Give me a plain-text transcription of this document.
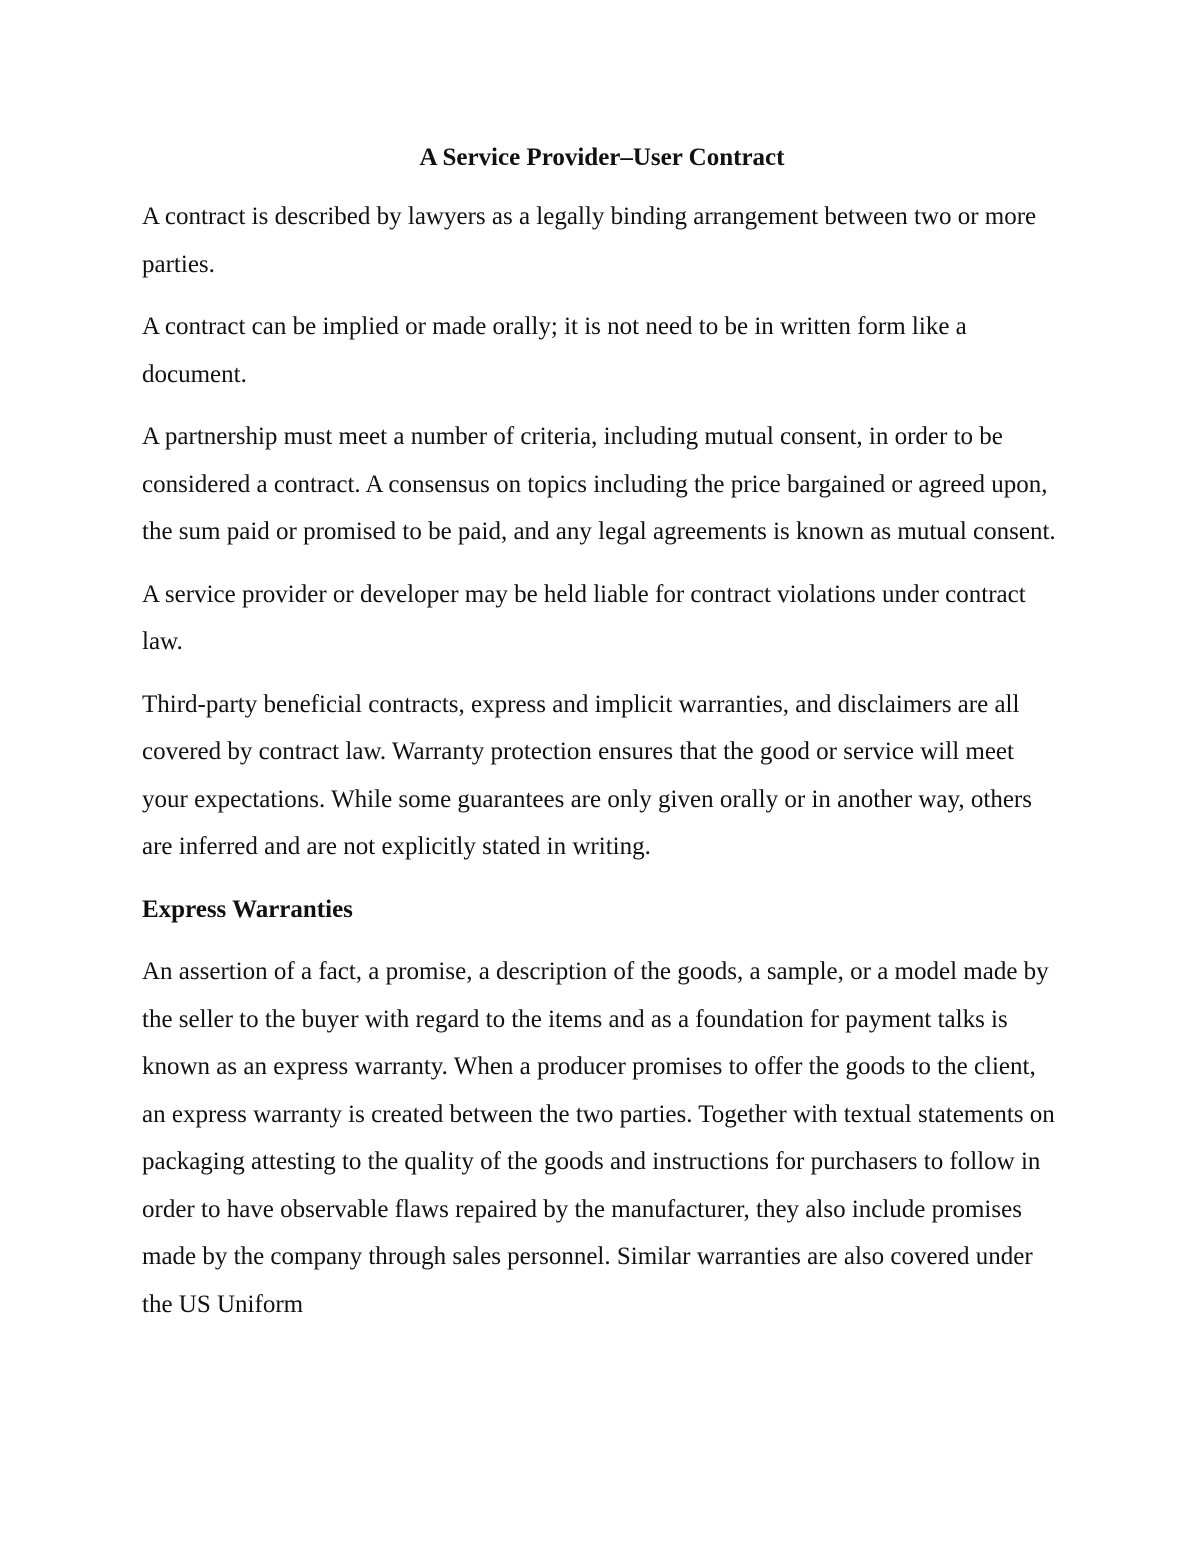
A Service Provider–User Contract

A contract is described by lawyers as a legally binding arrangement between two or more parties.

A contract can be implied or made orally; it is not need to be in written form like a document.

A partnership must meet a number of criteria, including mutual consent, in order to be considered a contract. A consensus on topics including the price bargained or agreed upon, the sum paid or promised to be paid, and any legal agreements is known as mutual consent.

A service provider or developer may be held liable for contract violations under contract law.

Third-party beneficial contracts, express and implicit warranties, and disclaimers are all covered by contract law. Warranty protection ensures that the good or service will meet your expectations. While some guarantees are only given orally or in another way, others are inferred and are not explicitly stated in writing.

Express Warranties

An assertion of a fact, a promise, a description of the goods, a sample, or a model made by the seller to the buyer with regard to the items and as a foundation for payment talks is known as an express warranty. When a producer promises to offer the goods to the client, an express warranty is created between the two parties. Together with textual statements on packaging attesting to the quality of the goods and instructions for purchasers to follow in order to have observable flaws repaired by the manufacturer, they also include promises made by the company through sales personnel. Similar warranties are also covered under the US Uniform
